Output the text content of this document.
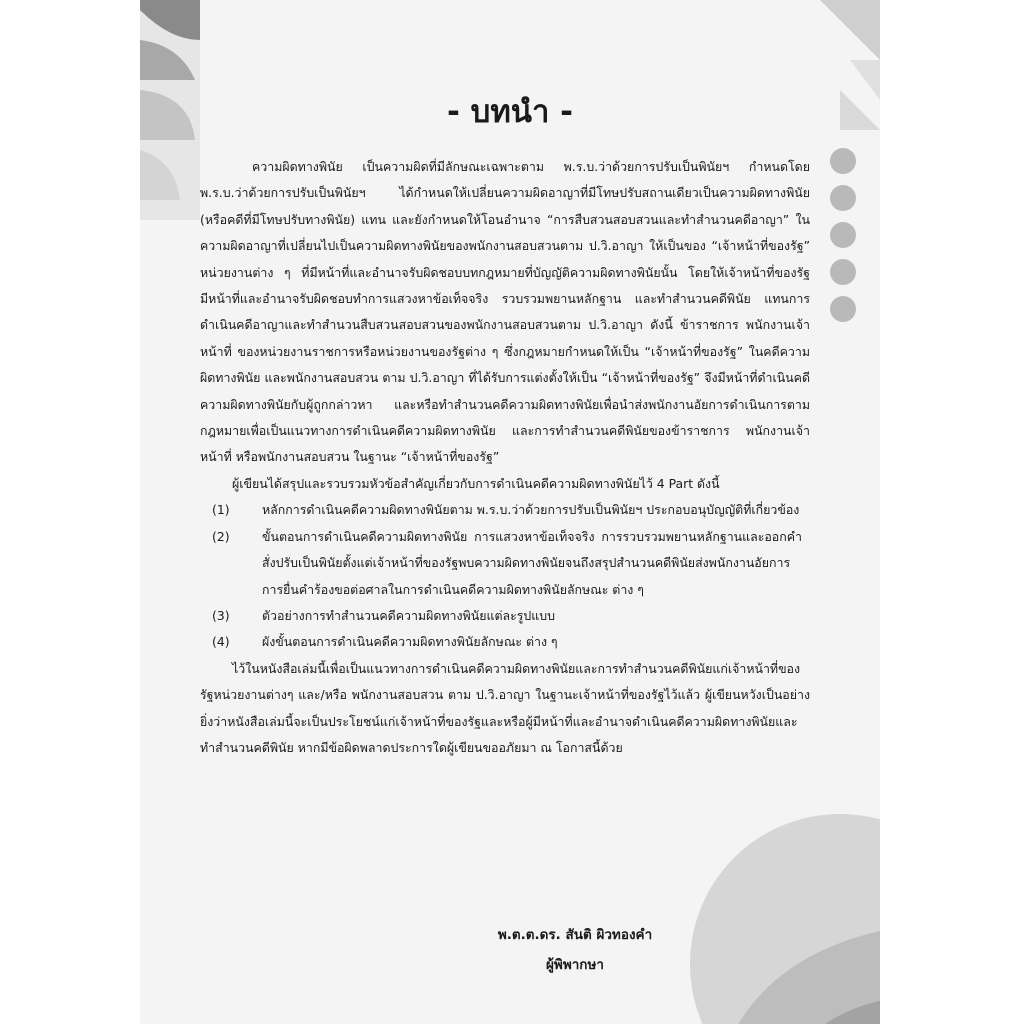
- บทนำ -

ความผิดทางพินัย เป็นความผิดที่มีลักษณะเฉพาะตาม พ.ร.บ.ว่าด้วยการปรับเป็นพินัยฯ กำหนดโดย พ.ร.บ.ว่าด้วยการปรับเป็นพินัยฯ ได้กำหนดให้เปลี่ยนความผิดอาญาที่มีโทษปรับสถานเดียวเป็นความผิดทางพินัย (หรือคดีที่มีโทษปรับทางพินัย) แทน และยังกำหนดให้โอนอำนาจ “การสืบสวนสอบสวนและทำสำนวนคดีอาญา” ในความผิดอาญาที่เปลี่ยนไปเป็นความผิดทางพินัยของพนักงานสอบสวนตาม ป.วิ.อาญา ให้เป็นของ “เจ้าหน้าที่ของรัฐ” หน่วยงานต่าง ๆ ที่มีหน้าที่และอำนาจรับผิดชอบบทกฎหมายที่บัญญัติความผิดทางพินัยนั้น โดยให้เจ้าหน้าที่ของรัฐ มีหน้าที่และอำนาจรับผิดชอบทำการแสวงหาข้อเท็จจริง รวบรวมพยานหลักฐาน และทำสำนวนคดีพินัย แทนการดำเนินคดีอาญาและทำสำนวนสืบสวนสอบสวนของพนักงานสอบสวนตาม ป.วิ.อาญา ดังนี้ ข้าราชการ พนักงานเจ้าหน้าที่ ของหน่วยงานราชการหรือหน่วยงานของรัฐต่าง ๆ ซึ่งกฎหมายกำหนดให้เป็น “เจ้าหน้าที่ของรัฐ” ในคดีความผิดทางพินัย และพนักงานสอบสวน ตาม ป.วิ.อาญา ที่ได้รับการแต่งตั้งให้เป็น “เจ้าหน้าที่ของรัฐ” จึงมีหน้าที่ดำเนินคดีความผิดทางพินัยกับผู้ถูกกล่าวหา และหรือทำสำนวนคดีความผิดทางพินัยเพื่อนำส่งพนักงานอัยการดำเนินการตามกฎหมายเพื่อเป็นแนวทางการดำเนินคดีความผิดทางพินัย และการทำสำนวนคดีพินัยของข้าราชการ พนักงานเจ้าหน้าที่ หรือพนักงานสอบสวน ในฐานะ “เจ้าหน้าที่ของรัฐ”

ผู้เขียนได้สรุปและรวบรวมหัวข้อสำคัญเกี่ยวกับการดำเนินคดีความผิดทางพินัยไว้ 4 Part ดังนี้

(1)	หลักการดำเนินคดีความผิดทางพินัยตาม พ.ร.บ.ว่าด้วยการปรับเป็นพินัยฯ ประกอบอนุบัญญัติที่เกี่ยวข้อง
(2)	ขั้นตอนการดำเนินคดีความผิดทางพินัย การแสวงหาข้อเท็จจริง การรวบรวมพยานหลักฐานและออกคำสั่งปรับเป็นพินัยตั้งแต่เจ้าหน้าที่ของรัฐพบความผิดทางพินัยจนถึงสรุปสำนวนคดีพินัยส่งพนักงานอัยการ การยื่นคำร้องขอต่อศาลในการดำเนินคดีความผิดทางพินัยลักษณะ ต่าง ๆ
(3)	ตัวอย่างการทำสำนวนคดีความผิดทางพินัยแต่ละรูปแบบ
(4)	ผังขั้นตอนการดำเนินคดีความผิดทางพินัยลักษณะ ต่าง ๆ

ไว้ในหนังสือเล่มนี้เพื่อเป็นแนวทางการดำเนินคดีความผิดทางพินัยและการทำสำนวนคดีพินัยแก่เจ้าหน้าที่ของรัฐหน่วยงานต่างๆ และ/หรือ พนักงานสอบสวน ตาม ป.วิ.อาญา ในฐานะเจ้าหน้าที่ของรัฐไว้แล้ว ผู้เขียนหวังเป็นอย่างยิ่งว่าหนังสือเล่มนี้จะเป็นประโยชน์แก่เจ้าหน้าที่ของรัฐและหรือผู้มีหน้าที่และอำนาจดำเนินคดีความผิดทางพินัยและทำสำนวนคดีพินัย หากมีข้อผิดพลาดประการใดผู้เขียนขออภัยมา ณ โอกาสนี้ด้วย

พ.ต.ต.ดร. สันติ ผิวทองคำ
ผู้พิพากษา
